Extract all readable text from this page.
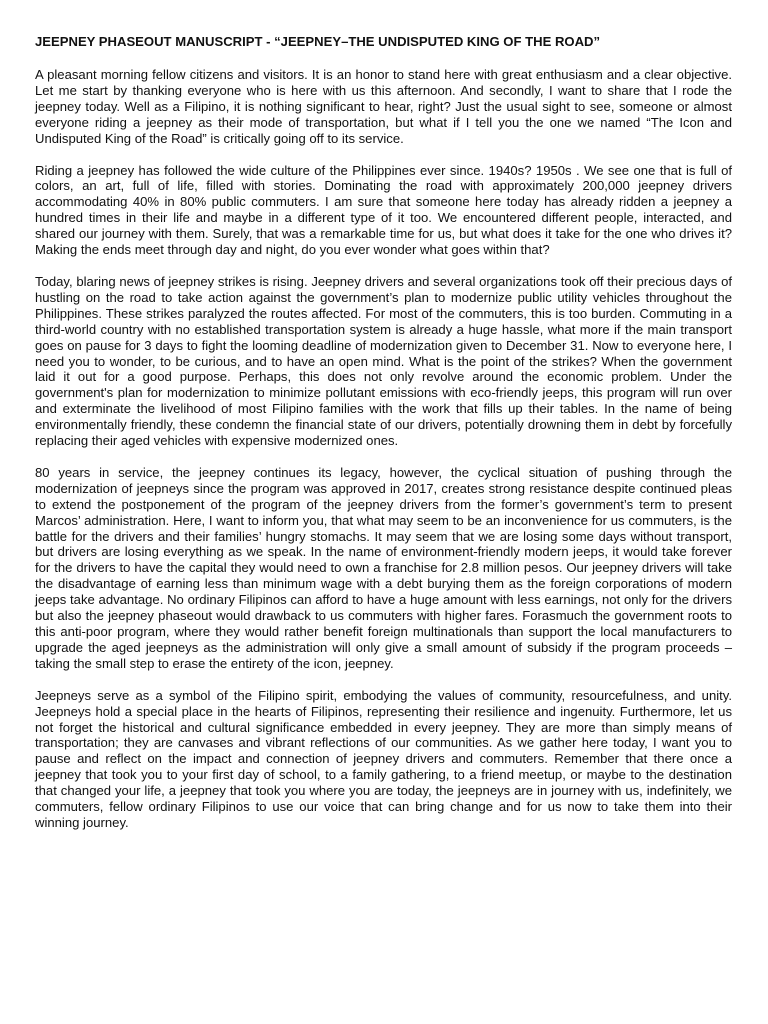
JEEPNEY PHASEOUT MANUSCRIPT - “JEEPNEY–THE UNDISPUTED KING OF THE ROAD”

A pleasant morning fellow citizens and visitors. It is an honor to stand here with great enthusiasm and a clear objective. Let me start by thanking everyone who is here with us this afternoon. And secondly, I want to share that I rode the jeepney today. Well as a Filipino, it is nothing significant to hear, right? Just the usual sight to see, someone or almost everyone riding a jeepney as their mode of transportation, but what if I tell you the one we named “The Icon and Undisputed King of the Road” is critically going off to its service.

Riding a jeepney has followed the wide culture of the Philippines ever since. 1940s? 1950s . We see one that is full of colors, an art, full of life, filled with stories. Dominating the road with approximately 200,000 jeepney drivers accommodating 40% in 80% public commuters. I am sure that someone here today has already ridden a jeepney a hundred times in their life and maybe in a different type of it too. We encountered different people, interacted, and shared our journey with them. Surely, that was a remarkable time for us, but what does it take for the one who drives it? Making the ends meet through day and night, do you ever wonder what goes within that?

Today, blaring news of jeepney strikes is rising. Jeepney drivers and several organizations took off their precious days of hustling on the road to take action against the government’s plan to modernize public utility vehicles throughout the Philippines. These strikes paralyzed the routes affected. For most of the commuters, this is too burden. Commuting in a third-world country with no established transportation system is already a huge hassle, what more if the main transport goes on pause for 3 days to fight the looming deadline of modernization given to December 31. Now to everyone here, I need you to wonder, to be curious, and to have an open mind. What is the point of the strikes? When the government laid it out for a good purpose. Perhaps, this does not only revolve around the economic problem. Under the government's plan for modernization to minimize pollutant emissions with eco-friendly jeeps, this program will run over and exterminate the livelihood of most Filipino families with the work that fills up their tables. In the name of being environmentally friendly, these condemn the financial state of our drivers, potentially drowning them in debt by forcefully replacing their aged vehicles with expensive modernized ones.

80 years in service, the jeepney continues its legacy, however, the cyclical situation of pushing through the modernization of jeepneys since the program was approved in 2017, creates strong resistance despite continued pleas to extend the postponement of the program of the jeepney drivers from the former’s government’s term to present Marcos’ administration. Here, I want to inform you, that what may seem to be an inconvenience for us commuters, is the battle for the drivers and their families’ hungry stomachs. It may seem that we are losing some days without transport, but drivers are losing everything as we speak. In the name of environment-friendly modern jeeps, it would take forever for the drivers to have the capital they would need to own a franchise for 2.8 million pesos. Our jeepney drivers will take the disadvantage of earning less than minimum wage with a debt burying them as the foreign corporations of modern jeeps take advantage. No ordinary Filipinos can afford to have a huge amount with less earnings, not only for the drivers but also the jeepney phaseout would drawback to us commuters with higher fares. Forasmuch the government roots to this anti-poor program, where they would rather benefit foreign multinationals than support the local manufacturers to upgrade the aged jeepneys as the administration will only give a small amount of subsidy if the program proceeds – taking the small step to erase the entirety of the icon, jeepney.

Jeepneys serve as a symbol of the Filipino spirit, embodying the values of community, resourcefulness, and unity. Jeepneys hold a special place in the hearts of Filipinos, representing their resilience and ingenuity. Furthermore, let us not forget the historical and cultural significance embedded in every jeepney. They are more than simply means of transportation; they are canvases and vibrant reflections of our communities. As we gather here today, I want you to pause and reflect on the impact and connection of jeepney drivers and commuters. Remember that there once a jeepney that took you to your first day of school, to a family gathering, to a friend meetup, or maybe to the destination that changed your life, a jeepney that took you where you are today, the jeepneys are in journey with us, indefinitely, we commuters, fellow ordinary Filipinos to use our voice that can bring change and for us now to take them into their winning journey.
